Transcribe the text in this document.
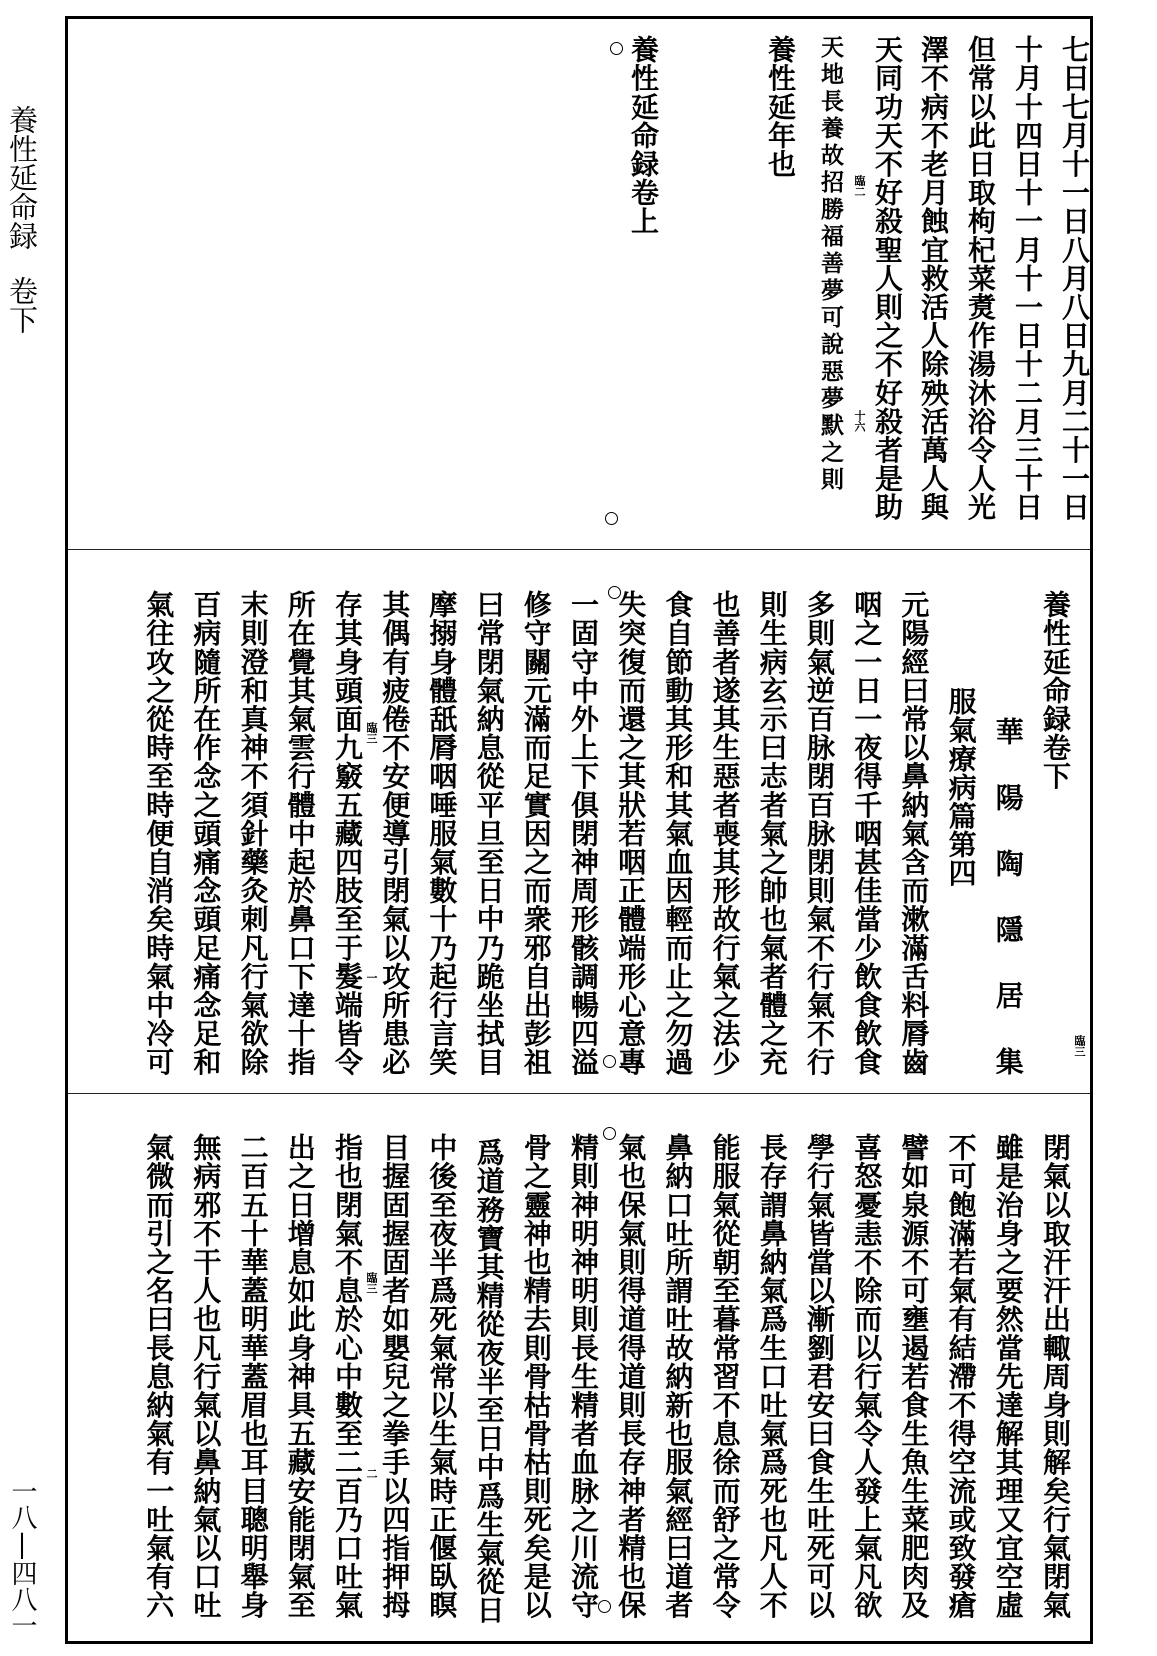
養性延命録卷下
一八|四八一
七日七月十一日八月八日九月二十一日
十月十四日十一月十一日十二月三十日
但常以此日取枸杞菜煑作湯沐浴令人光
澤不病不老月蝕宜救活人除殃活萬人與
天同功天不好殺聖人則之不好殺者是助
天地長養故招勝福善夢可說惡夢默之則
養性延年也
養性延命録卷上
養性延命録卷下
華陽陶隱居集
服氣療病篇第四
元陽經曰常以鼻納氣含而漱滿舌料脣齒
咽之一日一夜得千咽甚佳當少飲食飲食
多則氣逆百脉閉百脉閉則氣不行氣不行
則生病玄示曰志者氣之帥也氣者體之充
也善者遂其生惡者喪其形故行氣之法少
食自節動其形和其氣血因輕而止之勿過
失突復而還之其狀若咽正體端形心意專
一固守中外上下俱閉神周形骸調暢四溢
修守關元滿而足實因之而衆邪自出彭祖
曰常閉氣納息從平旦至日中乃跪坐拭目
摩搦身體舐脣咽唾服氣數十乃起行言笑
其偶有疲倦不安便導引閉氣以攻所患必
存其身頭面九竅五藏四肢至于髮端皆令
所在覺其氣雲行體中起於鼻口下達十指
末則澄和真神不須針藥灸刺凡行氣欲除
百病隨所在作念之頭痛念頭足痛念足和
氣往攻之從時至時便自消矣時氣中冷可
閉氣以取汗汗出輙周身則解矣行氣閉氣
雖是治身之要然當先達解其理又宜空虛
不可飽滿若氣有結滯不得空流或致發瘡
譬如泉源不可壅遏若食生魚生菜肥肉及
喜怒憂恚不除而以行氣令人發上氣凡欲
學行氣皆當以漸劉君安曰食生吐死可以
長存謂鼻納氣爲生口吐氣爲死也凡人不
能服氣從朝至暮常習不息徐而舒之常令
鼻納口吐所謂吐故納新也服氣經曰道者
氣也保氣則得道得道則長存神者精也保
精則神明神明則長生精者血脉之川流守
骨之靈神也精去則骨枯骨枯則死矣是以
爲道務寶其精從夜半至日中爲生氣從日
中後至夜半爲死氣常以生氣時正偃臥瞑
目握固握固者如嬰兒之拳手以四指押拇
指也閉氣不息於心中數至二百乃口吐氣
出之日增息如此身神具五藏安能閉氣至
二百五十華蓋明華蓋眉也耳目聰明舉身
無病邪不干人也凡行氣以鼻納氣以口吐
氣微而引之名曰長息納氣有一吐氣有六
臨二
十六
臨三
臨三
一
臨三
二
